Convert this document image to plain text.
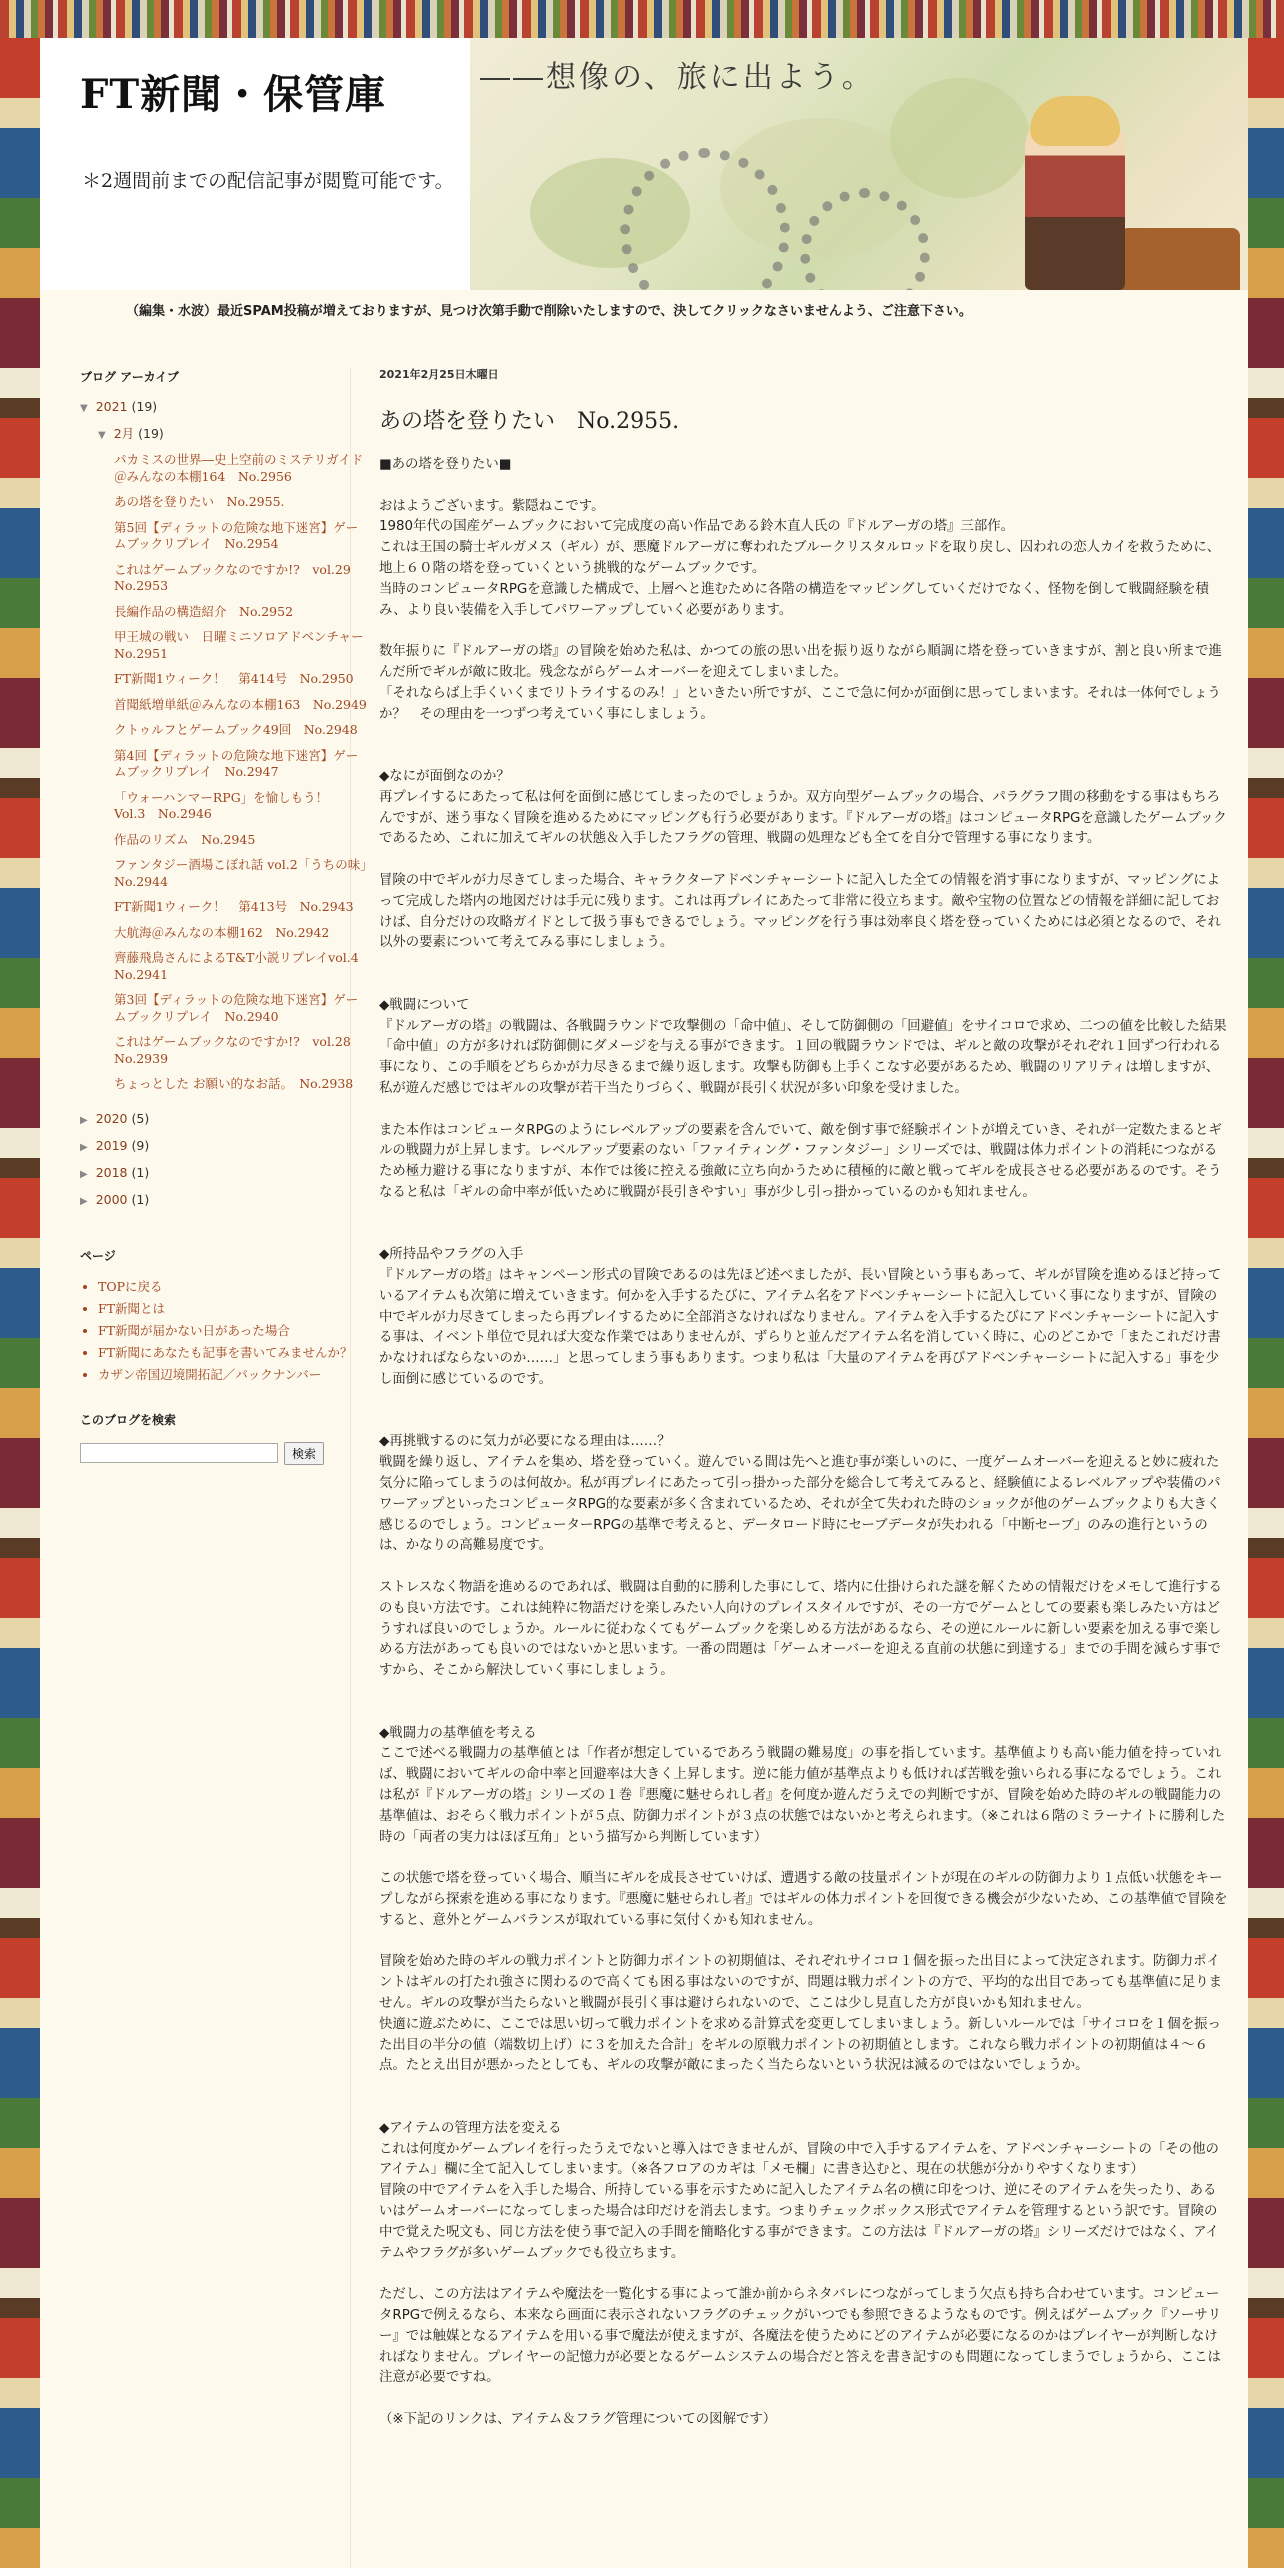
FT新聞・保管庫
＊2週間前までの配信記事が閲覧可能です。
――想像の、旅に出よう。
（編集・水波）最近SPAM投稿が増えておりますが、見つけ次第手動で削除いたしますので、決してクリックなさいませんよう、ご注意下さい。
ブログ アーカイブ
▼ 2021 (19)
▼ 2月 (19)
パカミスの世界―史上空前のミステリガイド＠みんなの本棚164　No.2956
あの塔を登りたい　No.2955.
第5回【ディラットの危険な地下迷宮】ゲームブックリプレイ　No.2954
これはゲームブックなのですか!?　vol.29　No.2953
長編作品の構造紹介　No.2952
甲王城の戦い　日曜ミニソロアドベンチャー　No.2951
FT新聞1ウィーク！　第414号　No.2950
首聞紙増単紙＠みんなの本棚163　No.2949
クトゥルフとゲームブック49回　No.2948
第4回【ディラットの危険な地下迷宮】ゲームブックリプレイ　No.2947
「ウォーハンマーRPG」を愉しもう！　Vol.3　No.2946
作品のリズム　No.2945
ファンタジー酒場こぼれ話 vol.2「うちの味」　No.2944
FT新聞1ウィーク！　第413号　No.2943
大航海＠みんなの本棚162　No.2942
齊藤飛鳥さんによるT&T小説リプレイvol.4　No.2941
第3回【ディラットの危険な地下迷宮】ゲームブックリプレイ　No.2940
これはゲームブックなのですか!?　vol.28　No.2939
ちょっとした お願い的なお話。　No.2938
▶ 2020 (5)
▶ 2019 (9)
▶ 2018 (1)
▶ 2000 (1)
ページ
• TOPに戻る
• FT新聞とは
• FT新聞が届かない日があった場合
• FT新聞にあなたも記事を書いてみませんか？
• カザン帝国辺境開拓記／パックナンバー
このブログを検索
検索
2021年2月25日木曜日
あの塔を登りたい　No.2955.
■あの塔を登りたい■
おはようございます。紫隠ねこです。
1980年代の国産ゲームブックにおいて完成度の高い作品である鈴木直人氏の『ドルアーガの塔』三部作。
これは王国の騎士ギルガメス（ギル）が、悪魔ドルアーガに奪われたブルークリスタルロッドを取り戻し、囚われの恋人カイを救うために、地上６０階の塔を登っていくという挑戦的なゲームブックです。
当時のコンピュータRPGを意識した構成で、上層へと進むために各階の構造をマッピングしていくだけでなく、怪物を倒して戦闘経験を積み、より良い装備を入手してパワーアップしていく必要があります。
数年振りに『ドルアーガの塔』の冒険を始めた私は、かつての旅の思い出を振り返りながら順調に塔を登っていきますが、割と良い所まで進んだ所でギルが敵に敗北。残念ながらゲームオーバーを迎えてしまいました。
「それならば上手くいくまでリトライするのみ！」といきたい所ですが、ここで急に何かが面倒に思ってしまいます。それは一体何でしょうか？　その理由を一つずつ考えていく事にしましょう。
◆なにが面倒なのか？
再プレイするにあたって私は何を面倒に感じてしまったのでしょうか。双方向型ゲームブックの場合、パラグラフ間の移動をする事はもちろんですが、迷う事なく冒険を進めるためにマッピングも行う必要があります。『ドルアーガの塔』はコンピュータRPGを意識したゲームブックであるため、これに加えてギルの状態＆入手したフラグの管理、戦闘の処理なども全てを自分で管理する事になります。
冒険の中でギルが力尽きてしまった場合、キャラクターアドベンチャーシートに記入した全ての情報を消す事になりますが、マッピングによって完成した塔内の地図だけは手元に残ります。これは再プレイにあたって非常に役立ちます。敵や宝物の位置などの情報を詳細に記しておけば、自分だけの攻略ガイドとして扱う事もできるでしょう。マッピングを行う事は効率良く塔を登っていくためには必須となるので、それ以外の要素について考えてみる事にしましょう。
◆戦闘について
『ドルアーガの塔』の戦闘は、各戦闘ラウンドで攻撃側の「命中値」、そして防御側の「回避値」をサイコロで求め、二つの値を比較した結果「命中値」の方が多ければ防御側にダメージを与える事ができます。１回の戦闘ラウンドでは、ギルと敵の攻撃がそれぞれ１回ずつ行われる事になり、この手順をどちらかが力尽きるまで繰り返します。攻撃も防御も上手くこなす必要があるため、戦闘のリアリティは増しますが、私が遊んだ感じではギルの攻撃が若干当たりづらく、戦闘が長引く状況が多い印象を受けました。
また本作はコンピュータRPGのようにレベルアップの要素を含んでいて、敵を倒す事で経験ポイントが増えていき、それが一定数たまるとギルの戦闘力が上昇します。レベルアップ要素のない「ファイティング・ファンタジー」シリーズでは、戦闘は体力ポイントの消耗につながるため極力避ける事になりますが、本作では後に控える強敵に立ち向かうために積極的に敵と戦ってギルを成長させる必要があるのです。そうなると私は「ギルの命中率が低いために戦闘が長引きやすい」事が少し引っ掛かっているのかも知れません。
◆所持品やフラグの入手
『ドルアーガの塔』はキャンペーン形式の冒険であるのは先ほど述べましたが、長い冒険という事もあって、ギルが冒険を進めるほど持っているアイテムも次第に増えていきます。何かを入手するたびに、アイテム名をアドベンチャーシートに記入していく事になりますが、冒険の中でギルが力尽きてしまったら再プレイするために全部消さなければなりません。アイテムを入手するたびにアドベンチャーシートに記入する事は、イベント単位で見れば大変な作業ではありませんが、ずらりと並んだアイテム名を消していく時に、心のどこかで「またこれだけ書かなければならないのか……」と思ってしまう事もあります。つまり私は「大量のアイテムを再びアドベンチャーシートに記入する」事を少し面倒に感じているのです。
◆再挑戦するのに気力が必要になる理由は……？
戦闘を繰り返し、アイテムを集め、塔を登っていく。遊んでいる間は先へと進む事が楽しいのに、一度ゲームオーバーを迎えると妙に疲れた気分に陥ってしまうのは何故か。私が再プレイにあたって引っ掛かった部分を総合して考えてみると、経験値によるレベルアップや装備のパワーアップといったコンピュータRPG的な要素が多く含まれているため、それが全て失われた時のショックが他のゲームブックよりも大きく感じるのでしょう。コンピューターRPGの基準で考えると、データロード時にセーブデータが失われる「中断セーブ」のみの進行というのは、かなりの高難易度です。
ストレスなく物語を進めるのであれば、戦闘は自動的に勝利した事にして、塔内に仕掛けられた謎を解くための情報だけをメモして進行するのも良い方法です。これは純粋に物語だけを楽しみたい人向けのプレイスタイルですが、その一方でゲームとしての要素も楽しみたい方はどうすれば良いのでしょうか。ルールに従わなくてもゲームブックを楽しめる方法があるなら、その逆にルールに新しい要素を加える事で楽しめる方法があっても良いのではないかと思います。一番の問題は「ゲームオーバーを迎える直前の状態に到達する」までの手間を減らす事ですから、そこから解決していく事にしましょう。
◆戦闘力の基準値を考える
ここで述べる戦闘力の基準値とは「作者が想定しているであろう戦闘の難易度」の事を指しています。基準値よりも高い能力値を持っていれば、戦闘においてギルの命中率と回避率は大きく上昇します。逆に能力値が基準点よりも低ければ苦戦を強いられる事になるでしょう。これは私が『ドルアーガの塔』シリーズの１巻『悪魔に魅せられし者』を何度か遊んだうえでの判断ですが、冒険を始めた時のギルの戦闘能力の基準値は、おそらく戦力ポイントが５点、防御力ポイントが３点の状態ではないかと考えられます。（※これは６階のミラーナイトに勝利した時の「両者の実力はほぼ互角」という描写から判断しています）
この状態で塔を登っていく場合、順当にギルを成長させていけば、遭遇する敵の技量ポイントが現在のギルの防御力より１点低い状態をキープしながら探索を進める事になります。『悪魔に魅せられし者』ではギルの体力ポイントを回復できる機会が少ないため、この基準値で冒険をすると、意外とゲームバランスが取れている事に気付くかも知れません。
冒険を始めた時のギルの戦力ポイントと防御力ポイントの初期値は、それぞれサイコロ１個を振った出目によって決定されます。防御力ポイントはギルの打たれ強さに関わるので高くても困る事はないのですが、問題は戦力ポイントの方で、平均的な出目であっても基準値に足りません。ギルの攻撃が当たらないと戦闘が長引く事は避けられないので、ここは少し見直した方が良いかも知れません。
快適に遊ぶために、ここでは思い切って戦力ポイントを求める計算式を変更してしまいましょう。新しいルールでは「サイコロを１個を振った出目の半分の値（端数切上げ）に３を加えた合計」をギルの原戦力ポイントの初期値とします。これなら戦力ポイントの初期値は４〜６点。たとえ出目が悪かったとしても、ギルの攻撃が敵にまったく当たらないという状況は減るのではないでしょうか。
◆アイテムの管理方法を変える
これは何度かゲームブレイを行ったうえでないと導入はできませんが、冒険の中で入手するアイテムを、アドベンチャーシートの「その他のアイテム」欄に全て記入してしまいます。（※各フロアのカギは「メモ欄」に書き込むと、現在の状態が分かりやすくなります）
冒険の中でアイテムを入手した場合、所持している事を示すために記入したアイテム名の横に印をつけ、逆にそのアイテムを失ったり、あるいはゲームオーバーになってしまった場合は印だけを消去します。つまりチェックボックス形式でアイテムを管理するという訳です。冒険の中で覚えた呪文も、同じ方法を使う事で記入の手間を簡略化する事ができます。この方法は『ドルアーガの塔』シリーズだけではなく、アイテムやフラグが多いゲームブックでも役立ちます。
ただし、この方法はアイテムや魔法を一覧化する事によって誰か前からネタバレにつながってしまう欠点も持ち合わせています。コンピュータRPGで例えるなら、本来なら画面に表示されないフラグのチェックがいつでも参照できるようなものです。例えばゲームブック『ソーサリー』では触媒となるアイテムを用いる事で魔法が使えますが、各魔法を使うためにどのアイテムが必要になるのかはプレイヤーが判断しなければなりません。プレイヤーの記憶力が必要となるゲームシステムの場合だと答えを書き記すのも問題になってしまうでしょうから、ここは注意が必要ですね。
（※下記のリンクは、アイテム＆フラグ管理についての図解です）
